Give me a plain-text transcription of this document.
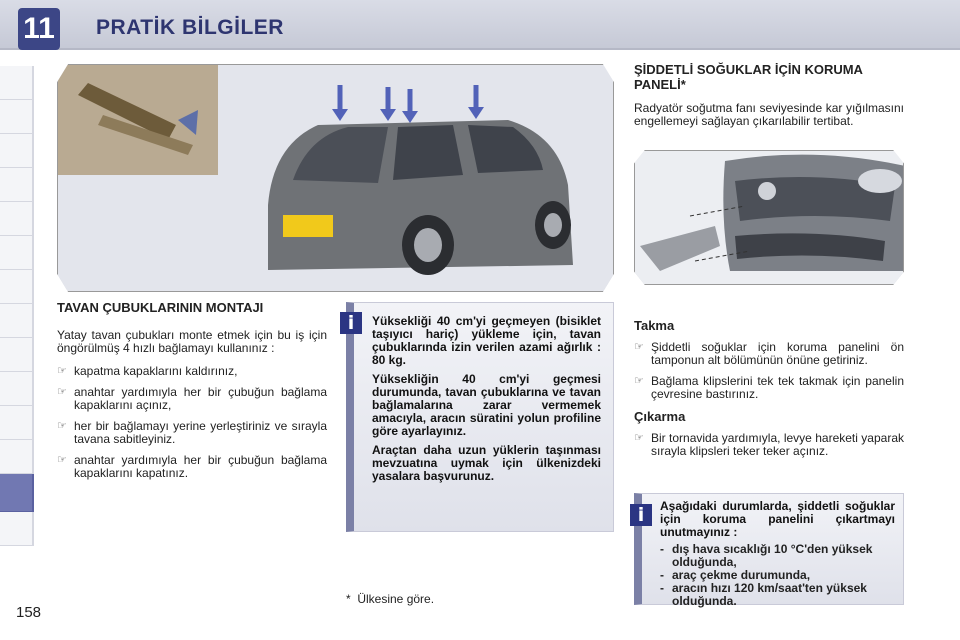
11 PRATİK BİLGİLER
TAVAN ÇUBUKLARININ MONTAJI

Yatay tavan çubukları monte etmek için bu iş için öngörülmüş 4 hızlı bağlamayı kullanınız :

☞ kapatma kapaklarını kaldırınız,
☞ anahtar yardımıyla her bir çubuğun bağlama kapaklarını açınız,
☞ her bir bağlamayı yerine yerleştiriniz ve sırayla tavana sabitleyiniz.
☞ anahtar yardımıyla her bir çubuğun bağlama kapaklarını kapatınız.

Yüksekliği 40 cm'yi geçmeyen (bisiklet taşıyıcı hariç) yükleme için, tavan çubuklarında izin verilen azami ağırlık : 80 kg.

Yüksekliğin 40 cm'yi geçmesi durumunda, tavan çubuklarına ve tavan bağlamalarına zarar vermemek amacıyla, aracın süratini yolun profiline göre ayarlayınız.

Araçtan daha uzun yüklerin taşınması mevzuatına uymak için ülkenizdeki yasalara başvurunuz.

i
ŞİDDETLİ SOĞUKLAR İÇİN KORUMA PANELİ*

Radyatör soğutma fanı seviyesinde kar yığılmasını engellemeyi sağlayan çıkarılabilir tertibat.

Takma
☞ Şiddetli soğuklar için koruma panelini ön tamponun alt bölümünün önüne getiriniz.
☞ Bağlama klipslerini tek tek takmak için panelin çevresine bastırınız.
Çıkarma
☞ Bir tornavida yardımıyla, levye hareketi yaparak sırayla klipsleri teker teker açınız.

Aşağıdaki durumlarda, şiddetli soğuklar için koruma panelini çıkartmayı unutmayınız :

- dış hava sıcaklığı 10 °C'den yüksek olduğunda,
- araç çekme durumunda,
- aracın hızı 120 km/saat'ten yüksek olduğunda.
i
*  Ülkesine göre.
158
